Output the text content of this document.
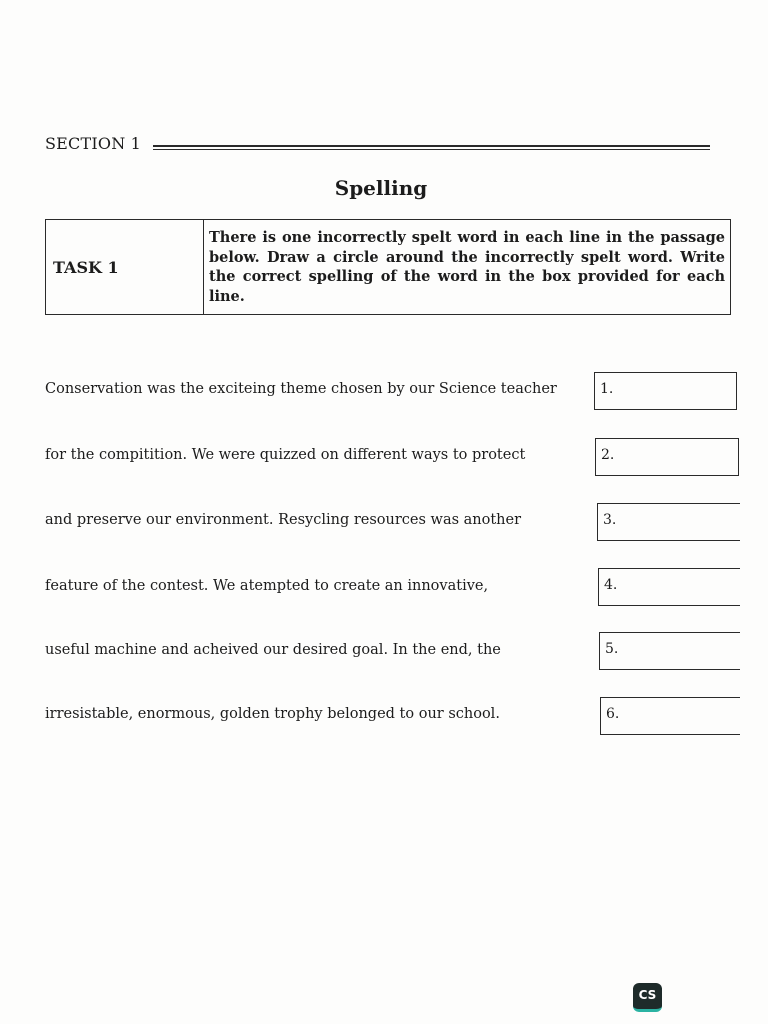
SECTION 1
Spelling
TASK 1
There is one incorrectly spelt word in each line in the passage below. Draw a circle around the incorrectly spelt word. Write the correct spelling of the word in the box provided for each line.
Conservation was the exciteing theme chosen by our Science teacher
for the compitition. We were quizzed on different ways to protect
and preserve our environment. Resycling resources was another
feature of the contest. We atempted to create an innovative,
useful machine and acheived our desired goal. In the end, the
irresistable, enormous, golden trophy belonged to our school.
1.
2.
3.
4.
5.
6.
CS
